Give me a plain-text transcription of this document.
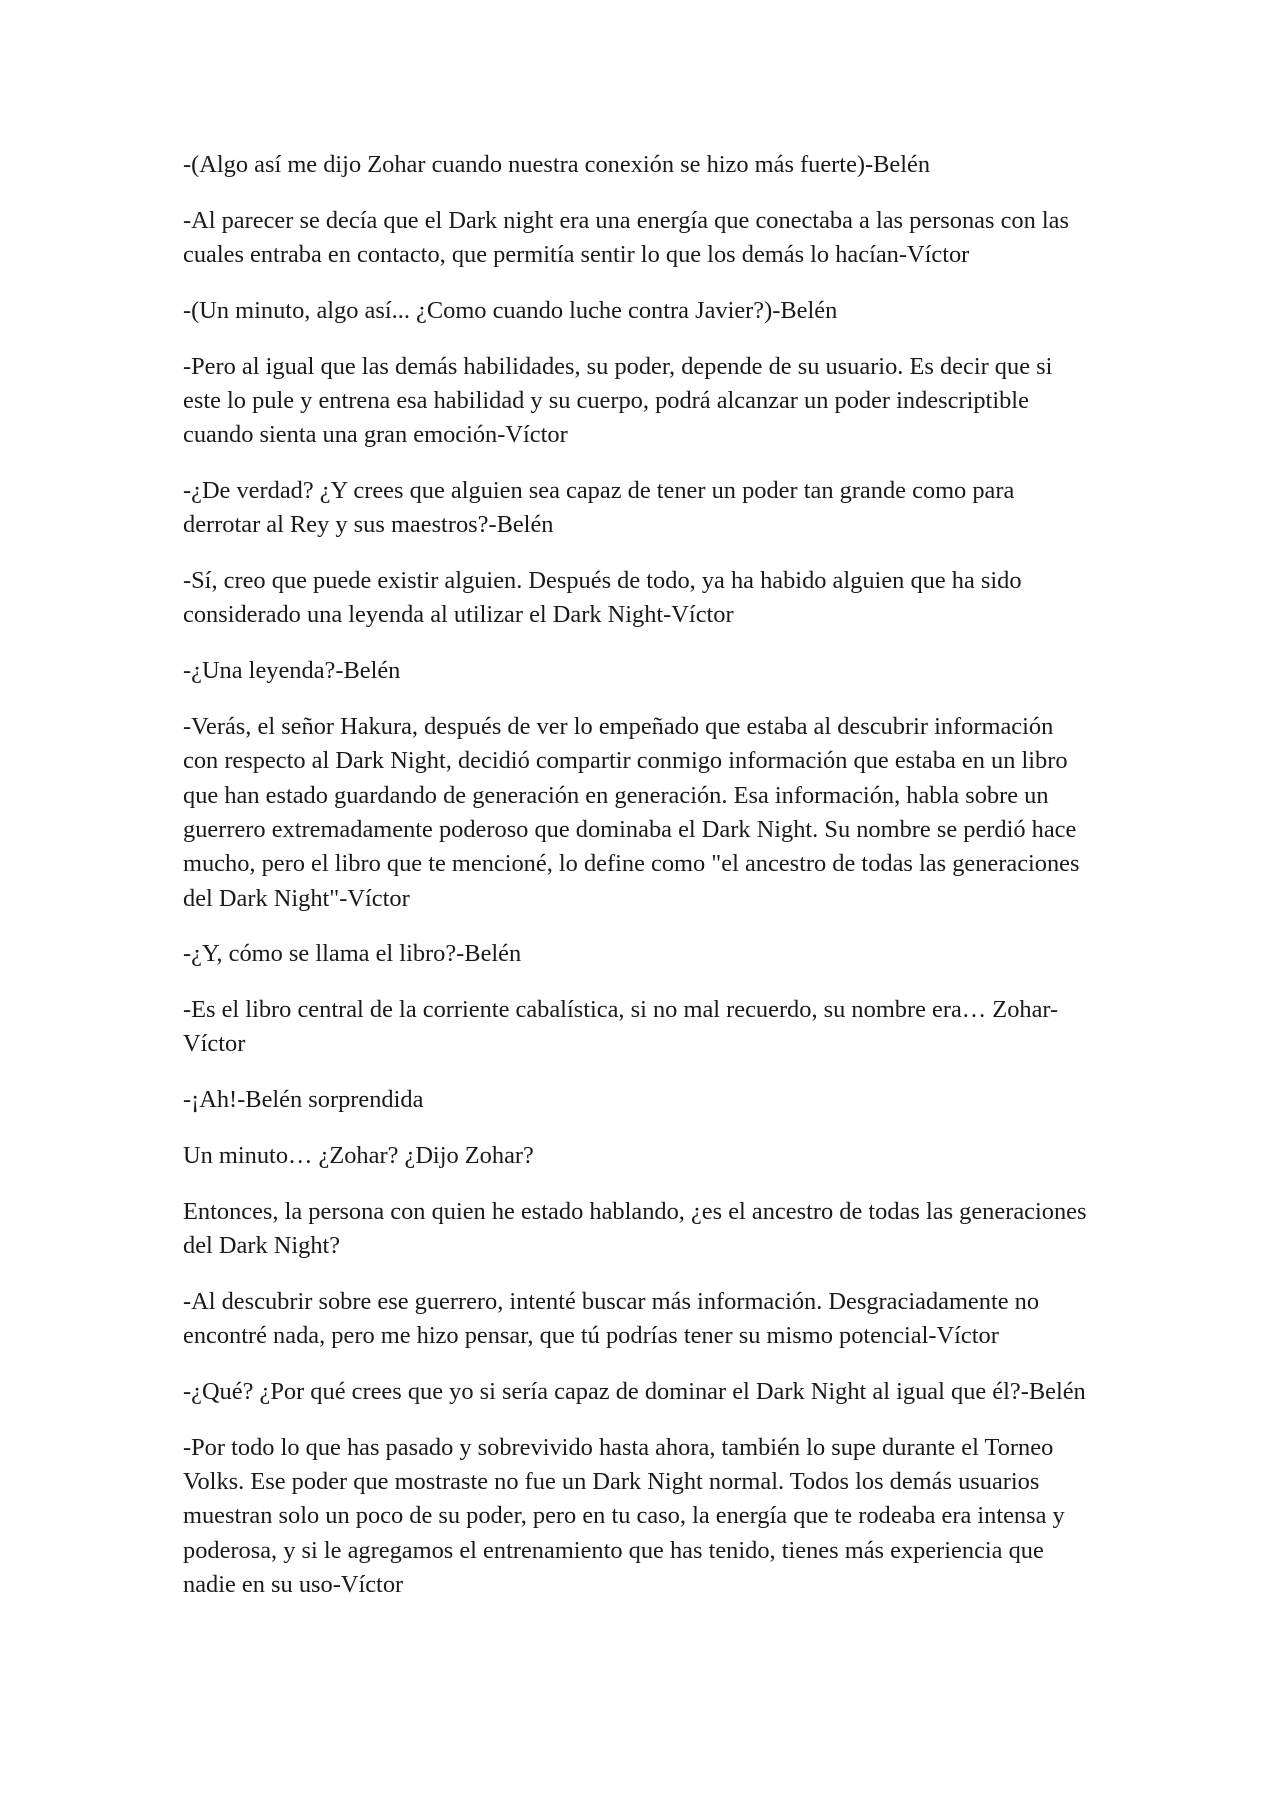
-(Algo así me dijo Zohar cuando nuestra conexión se hizo más fuerte)-Belén

-Al parecer se decía que el Dark night era una energía que conectaba a las personas con las cuales entraba en contacto, que permitía sentir lo que los demás lo hacían-Víctor

-(Un minuto, algo así... ¿Como cuando luche contra Javier?)-Belén

-Pero al igual que las demás habilidades, su poder, depende de su usuario. Es decir que si este lo pule y entrena esa habilidad y su cuerpo, podrá alcanzar un poder indescriptible cuando sienta una gran emoción-Víctor

-¿De verdad? ¿Y crees que alguien sea capaz de tener un poder tan grande como para derrotar al Rey y sus maestros?-Belén

-Sí, creo que puede existir alguien. Después de todo, ya ha habido alguien que ha sido considerado una leyenda al utilizar el Dark Night-Víctor

-¿Una leyenda?-Belén

-Verás, el señor Hakura, después de ver lo empeñado que estaba al descubrir información con respecto al Dark Night, decidió compartir conmigo información que estaba en un libro que han estado guardando de generación en generación. Esa información, habla sobre un guerrero extremadamente poderoso que dominaba el Dark Night. Su nombre se perdió hace mucho, pero el libro que te mencioné, lo define como "el ancestro de todas las generaciones del Dark Night"-Víctor

-¿Y, cómo se llama el libro?-Belén

-Es el libro central de la corriente cabalística, si no mal recuerdo, su nombre era… Zohar-Víctor

-¡Ah!-Belén sorprendida

Un minuto… ¿Zohar? ¿Dijo Zohar?

Entonces, la persona con quien he estado hablando, ¿es el ancestro de todas las generaciones del Dark Night?

-Al descubrir sobre ese guerrero, intenté buscar más información. Desgraciadamente no encontré nada, pero me hizo pensar, que tú podrías tener su mismo potencial-Víctor

-¿Qué? ¿Por qué crees que yo si sería capaz de dominar el Dark Night al igual que él?-Belén

-Por todo lo que has pasado y sobrevivido hasta ahora, también lo supe durante el Torneo Volks. Ese poder que mostraste no fue un Dark Night normal. Todos los demás usuarios muestran solo un poco de su poder, pero en tu caso, la energía que te rodeaba era intensa y poderosa, y si le agregamos el entrenamiento que has tenido, tienes más experiencia que nadie en su uso-Víctor
